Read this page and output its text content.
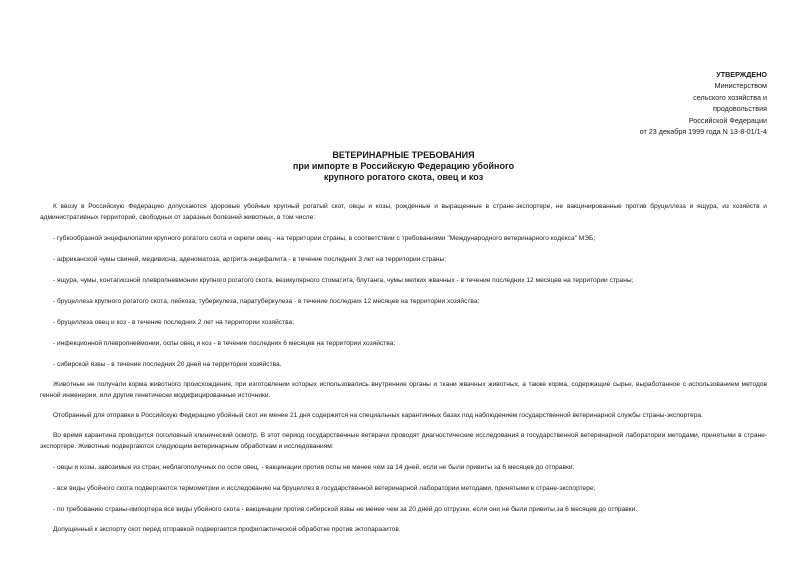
УТВЕРЖДЕНО
Министерством
сельского хозяйства и
продовольствия
Российской Федерации
от 23 декабря 1999 года N 13-8-01/1-4
ВЕТЕРИНАРНЫЕ ТРЕБОВАНИЯ
при импорте в Российскую Федерацию убойного
крупного рогатого скота, овец и коз

К ввозу в Российскую Федерацию допускаются здоровые убойные крупный рогатый скот, овцы и козы, рожденные и выращенные в стране-экспортере, не вакцинированные против бруцеллеза и ящура, из хозяйств и административных территорий, свободных от заразных болезней животных, в том числе:

- губкообразной энцефалопатии крупного рогатого скота и скрепи овец - на территории страны, в соответствии с требованиями "Международного ветеринарного кодекса" МЭБ;

- африканской чумы свиней, медивисна, аденоматоза, артрита-энцефалита - в течение последних 3 лет на территории страны;

- ящура, чумы, контагиозной плевропневмонии крупного рогатого скота, везикулярного стоматита, блутанга, чумы мелких жвачных - в течение последних 12 месяцев на территории страны;

- бруцеллеза крупного рогатого скота, лейкоза, туберкулеза, паратуберкулеза - в течение последних 12 месяцев на территории хозяйства;

- бруцеллеза овец и коз - в течение последних 2 лет на территории хозяйства;

- инфекционной плевропневмонии, оспы овец и коз - в течение последних 6 месяцев на территории хозяйства;

- сибирской язвы - в течение последних 20 дней на территории хозяйства.

Животные не получали корма животного происхождения, при изготовлении которых использовались внутренние органы и ткани жвачных животных, а также корма, содержащие сырье, выработанное с использованием методов генной инженерии, или другие генетически модифицированные источники.

Отобранный для отправки в Российскую Федерацию убойный скот не менее 21 дня содержится на специальных карантинных базах под наблюдением государственной ветеринарной службы страны-экспортера.

Во время карантина проводится поголовный клинический осмотр. В этот период государственные ветврачи проводят диагностические исследования в государственной ветеринарной лаборатории методами, принятыми в стране-экспортере. Животные подвергаются следующим ветеринарным обработкам и исследованиям:

- овцы и козы, завозимые из стран, неблагополучных по оспе овец, - вакцинации против оспы не менее чем за 14 дней, если не были привиты за 6 месяцев до отправки;

- все виды убойного скота подвергаются термометрии и исследованию на бруцеллез в государственной ветеринарной лаборатории методами, принятыми в стране-экспортере;

- по требованию страны-импортера все виды убойного скота - вакцинации против сибирской язвы не менее чем за 20 дней до отгрузки, если они не были привиты за 6 месяцев до отправки.

Допущенный к экспорту скот перед отправкой подвергается профилактической обработке против эктопаразитов.
